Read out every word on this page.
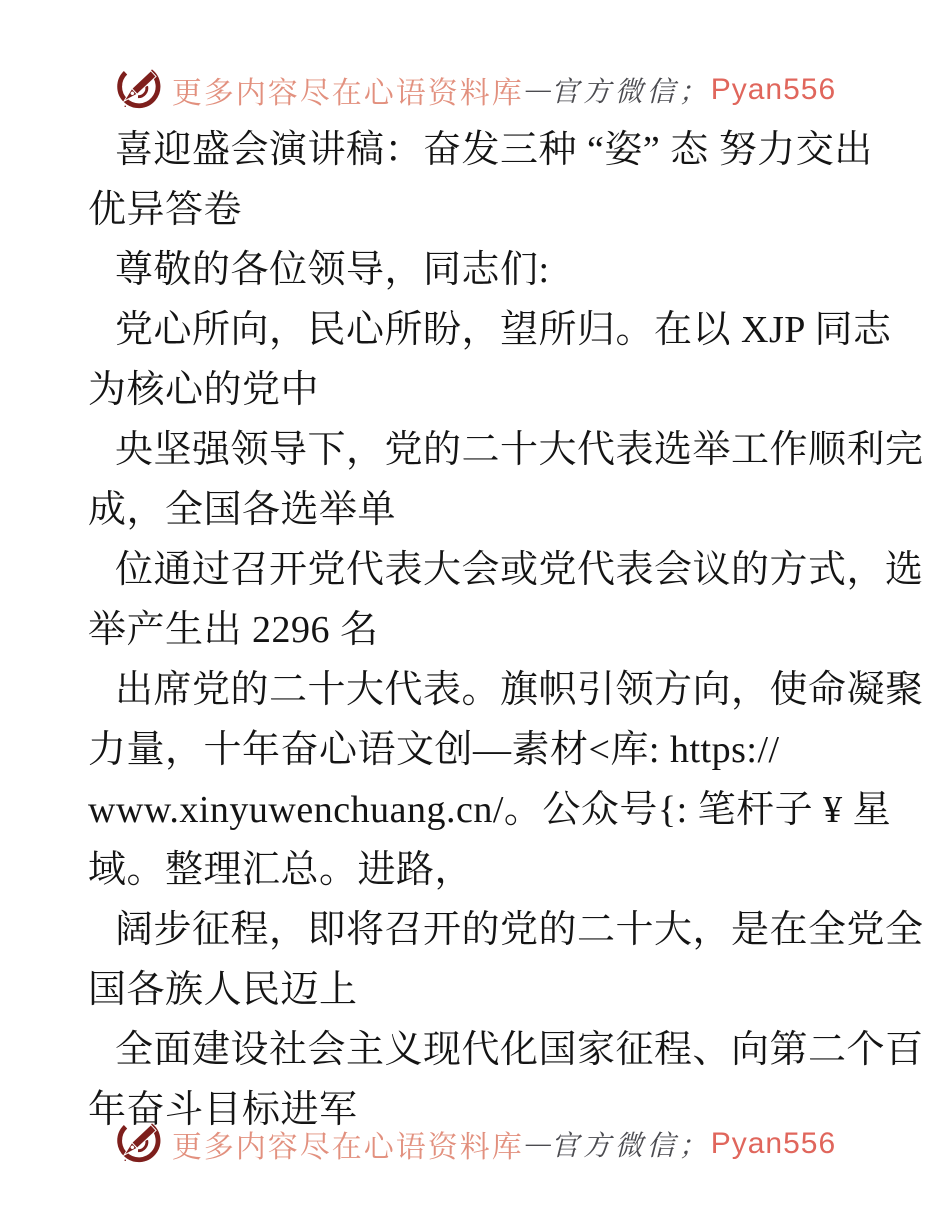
更多内容尽在心语资料库 — 官方微信； Pyan556
喜迎盛会演讲稿：奋发三种 “姿” 态 努力交出
优异答卷
尊敬的各位领导，同志们:
党心所向，民心所盼，望所归。在以 XJP 同志
为核心的党中
央坚强领导下，党的二十大代表选举工作顺利完
成，全国各选举单
位通过召开党代表大会或党代表会议的方式，选
举产生出 2296 名
出席党的二十大代表。旗帜引领方向，使命凝聚
力量，十年奋心语文创—素材<库: https://
www.xinyuwenchuang.cn/。公众号{: 笔杆子 ¥ 星
域。整理汇总。进路，
阔步征程，即将召开的党的二十大，是在全党全
国各族人民迈上
全面建设社会主义现代化国家征程、向第二个百
年奋斗目标进军
更多内容尽在心语资料库 — 官方微信； Pyan556
